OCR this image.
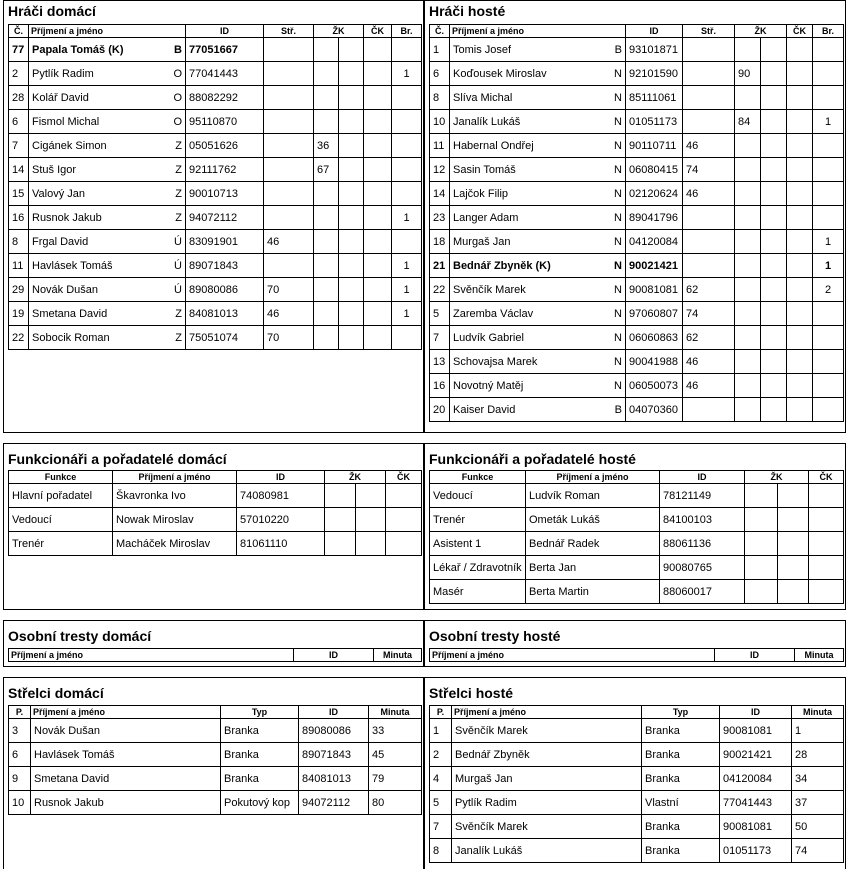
Hráči domácí
Č.	Příjmení a jméno	ID	Stř.	ŽK		ČK	Br.
77	Papala Tomáš (K) B	77051667					
2	Pytlík Radim O	77041443					1
28	Kolář David O	88082292					
6	Fismol Michal O	95110870					
7	Cigánek Simon Z	05051626		36			
14	Stuš Igor Z	92111762		67			
15	Valový Jan Z	90010713					
16	Rusnok Jakub Z	94072112					1
8	Frgal David Ú	83091901	46				
11	Havlásek Tomáš Ú	89071843					1
29	Novák Dušan Ú	89080086	70				1
19	Smetana David Z	84081013	46				1
22	Sobocik Roman Z	75051074	70				
Hráči hosté
Č.	Příjmení a jméno	ID	Stř.	ŽK		ČK	Br.
1	Tomis Josef B	93101871					
6	Koďousek Miroslav N	92101590		90			
8	Slíva Michal N	85111061					
10	Janalík Lukáš N	01051173		84			1
11	Habernal Ondřej N	90110711	46				
12	Sasin Tomáš N	06080415	74				
14	Lajčok Filip N	02120624	46				
23	Langer Adam N	89041796					
18	Murgaš Jan N	04120084					1
21	Bednář Zbyněk (K) N	90021421					1
22	Svěnčík Marek N	90081081	62				2
5	Zaremba Václav N	97060807	74				
7	Ludvík Gabriel N	06060863	62				
13	Schovajsa Marek N	90041988	46				
16	Novotný Matěj N	06050073	46				
20	Kaiser David B	04070360					
Funkcionáři a pořadatelé domácí
Funkce	Příjmení a jméno	ID	ŽK		ČK
Hlavní pořadatel	Škavronka Ivo	74080981			
Vedoucí	Nowak Miroslav	57010220			
Trenér	Macháček Miroslav	81061110			
Funkcionáři a pořadatelé hosté
Funkce	Příjmení a jméno	ID	ŽK		ČK
Vedoucí	Ludvík Roman	78121149			
Trenér	Ometák Lukáš	84100103			
Asistent 1	Bednář Radek	88061136			
Lékař / Zdravotník	Berta Jan	90080765			
Masér	Berta Martin	88060017			
Osobní tresty domácí
Příjmení a jméno	ID	Minuta
Osobní tresty hosté
Příjmení a jméno	ID	Minuta
Střelci domácí
P.	Příjmení a jméno	Typ	ID	Minuta
3	Novák Dušan	Branka	89080086	33
6	Havlásek Tomáš	Branka	89071843	45
9	Smetana David	Branka	84081013	79
10	Rusnok Jakub	Pokutový kop	94072112	80
Střelci hosté
P.	Příjmení a jméno	Typ	ID	Minuta
1	Svěnčík Marek	Branka	90081081	1
2	Bednář Zbyněk	Branka	90021421	28
4	Murgaš Jan	Branka	04120084	34
5	Pytlík Radim	Vlastní	77041443	37
7	Svěnčík Marek	Branka	90081081	50
8	Janalík Lukáš	Branka	01051173	74
